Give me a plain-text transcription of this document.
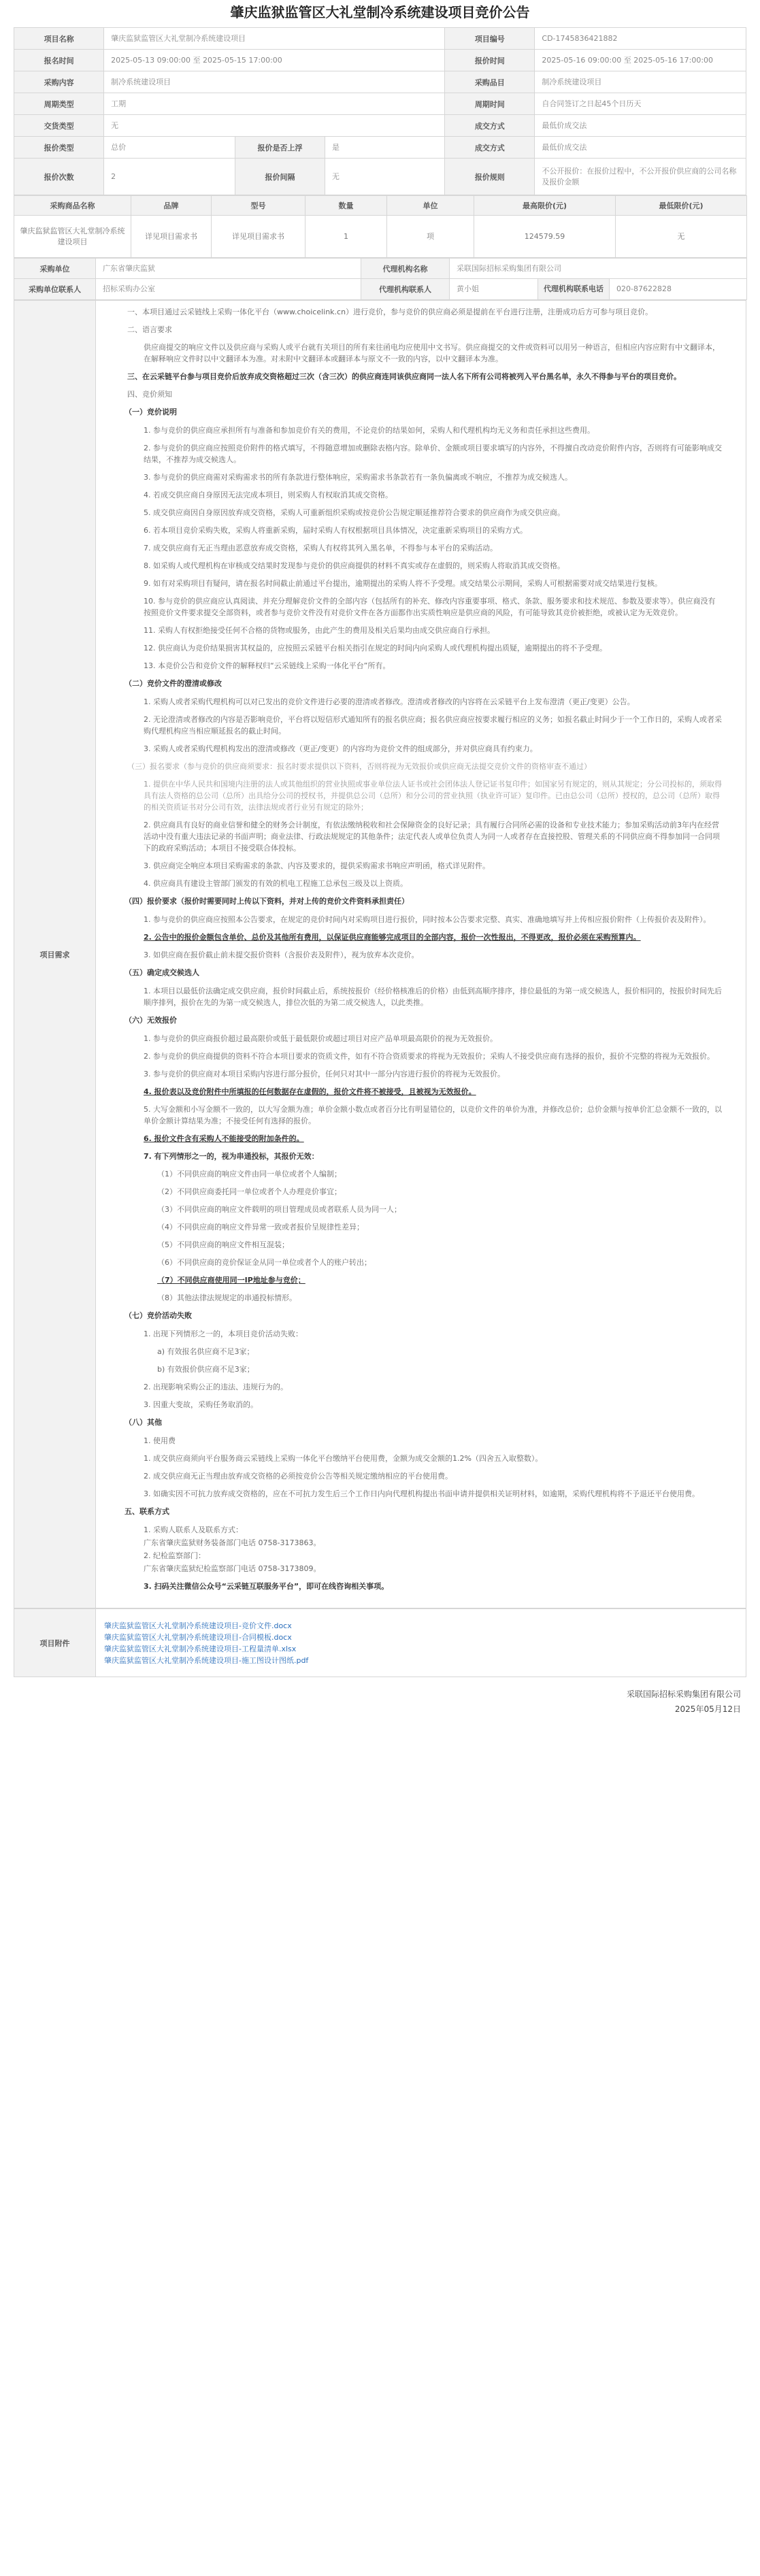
肇庆监狱监管区大礼堂制冷系统建设项目竞价公告
项目名称	肇庆监狱监管区大礼堂制冷系统建设项目			项目编号	CD-1745836421882
报名时间	2025-05-13 09:00:00 至 2025-05-15 17:00:00			报价时间	2025-05-16 09:00:00 至 2025-05-16 17:00:00
采购内容	制冷系统建设项目			采购品目	制冷系统建设项目
周期类型	工期			周期时间	自合同签订之日起45个日历天
交货类型	无			成交方式	最低价成交法
报价类型	总价	报价是否上浮	是	成交方式	最低价成交法
报价次数	2	报价间隔	无	报价规则	不公开报价：在报价过程中，不公开报价供应商的公司名称及报价金额
采购商品名称	品牌	型号	数量	单位	最高限价(元)	最低限价(元)
肇庆监狱监管区大礼堂制冷系统建设项目	详见项目需求书	详见项目需求书	1	项	124579.59	无
采购单位	广东省肇庆监狱	代理机构名称	采联国际招标采购集团有限公司	
采购单位联系人	招标采购办公室	代理机构联系人	黄小姐	代理机构联系电话 020-87622828
项目需求	
一、本项目通过云采链线上采购一体化平台（www.choicelink.cn）进行竞价，参与竞价的供应商必须是提前在平台进行注册，注册成功后方可参与项目竞价。
二、语言要求
供应商提交的响应文件以及供应商与采购人或平台就有关项目的所有来往函电均应使用中文书写。供应商提交的文件或资料可以用另一种语言，但相应内容应附有中文翻译本，在解释响应文件时以中文翻译本为准。对未附中文翻译本或翻译本与原文不一致的内容，以中文翻译本为准。
三、在云采链平台参与项目竞价后放弃成交资格超过三次（含三次）的供应商连同该供应商同一法人名下所有公司将被列入平台黑名单，永久不得参与平台的项目竞价。
四、竞价须知
（一）竞价说明
1. 参与竞价的供应商应承担所有与准备和参加竞价有关的费用，不论竞价的结果如何，采购人和代理机构均无义务和责任承担这些费用。
2. 参与竞价的供应商应按照竞价附件的格式填写，不得随意增加或删除表格内容。除单价、金额或项目要求填写的内容外，不得擅自改动竞价附件内容，否则将有可能影响成交结果，不推荐为成交候选人。
3. 参与竞价的供应商需对采购需求书的所有条款进行整体响应，采购需求书条款若有一条负偏离或不响应，不推荐为成交候选人。
4. 若成交供应商自身原因无法完成本项目，则采购人有权取消其成交资格。
5. 成交供应商因自身原因放弃成交资格，采购人可重新组织采购或按竞价公告规定顺延推荐符合要求的供应商作为成交供应商。
6. 若本项目竞价采购失败，采购人将重新采购，届时采购人有权根据项目具体情况，决定重新采购项目的采购方式。
7. 成交供应商有无正当理由恶意放弃成交资格，采购人有权将其列入黑名单，不得参与本平台的采购活动。
8. 如采购人或代理机构在审核成交结果时发现参与竞价的供应商提供的材料不真实或存在虚假的，则采购人将取消其成交资格。
9. 如有对采购项目有疑问，请在报名时间截止前通过平台提出，逾期提出的采购人将不予受理。成交结果公示期间，采购人可根据需要对成交结果进行复核。
10. 参与竞价的供应商应认真阅读、并充分理解竞价文件的全部内容（包括所有的补充、修改内容重要事项、格式、条款、服务要求和技术规范、参数及要求等）。供应商没有按照竞价文件要求提交全部资料，或者参与竞价文件没有对竞价文件在各方面都作出实质性响应是供应商的风险，有可能导致其竞价被拒绝，或被认定为无效竞价。
11. 采购人有权拒绝接受任何不合格的货物或服务，由此产生的费用及相关后果均由成交供应商自行承担。
12. 供应商认为竞价结果损害其权益的，应按照云采链平台相关指引在规定的时间内向采购人或代理机构提出质疑，逾期提出的将不予受理。
13. 本竞价公告和竞价文件的解释权归“云采链线上采购一体化平台”所有。
（二）竞价文件的澄清或修改
1. 采购人或者采购代理机构可以对已发出的竞价文件进行必要的澄清或者修改。澄清或者修改的内容将在云采链平台上发布澄清（更正/变更）公告。
2. 无论澄清或者修改的内容是否影响竞价，平台将以短信形式通知所有的报名供应商；报名供应商应按要求履行相应的义务；如报名截止时间少于一个工作日的，采购人或者采购代理机构应当相应顺延报名的截止时间。
3. 采购人或者采购代理机构发出的澄清或修改（更正/变更）的内容均为竞价文件的组成部分，并对供应商具有约束力。
（三）报名要求（参与竞价的供应商须要求：报名时要求提供以下资料，否则将视为无效报价或供应商无法提交竞价文件的资格审查不通过）
1. 提供在中华人民共和国境内注册的法人或其他组织的营业执照或事业单位法人证书或社会团体法人登记证书复印件；如国家另有规定的，则从其规定；分公司投标的，须取得具有法人资格的总公司（总所）出具给分公司的授权书，并提供总公司（总所）和分公司的营业执照（执业许可证）复印件。已由总公司（总所）授权的，总公司（总所）取得的相关资质证书对分公司有效，法律法规或者行业另有规定的除外；
2. 供应商具有良好的商业信誉和健全的财务会计制度，有依法缴纳税收和社会保障资金的良好记录；具有履行合同所必需的设备和专业技术能力；参加采购活动前3年内在经营活动中没有重大违法记录的书面声明；商业法律、行政法规规定的其他条件；法定代表人或单位负责人为同一人或者存在直接控股、管理关系的不同供应商不得参加同一合同项下的政府采购活动；本项目不接受联合体投标。
3. 供应商完全响应本项目采购需求的条款、内容及要求的，提供采购需求书响应声明函，格式详见附件。
4. 供应商具有建设主管部门颁发的有效的机电工程施工总承包三级及以上资质。
（四）报价要求（报价时需要同时上传以下资料，并对上传的竞价文件资料承担责任）
1. 参与竞价的供应商应按照本公告要求，在规定的竞价时间内对采购项目进行报价，同时按本公告要求完整、真实、准确地填写并上传相应报价附件（上传报价表及附件）。
2. 公告中的报价金额包含单价、总价及其他所有费用，以保证供应商能够完成项目的全部内容，报价一次性报出，不得更改，报价必须在采购预算内。
3. 如供应商在报价截止前未提交报价资料（含报价表及附件），视为放弃本次竞价。
（五）确定成交候选人
1. 本项目以最低价法确定成交供应商，报价时间截止后，系统按报价（经价格核准后的价格）由低到高顺序排序，排位最低的为第一成交候选人，报价相同的，按报价时间先后顺序排列，报价在先的为第一成交候选人，排位次低的为第二成交候选人，以此类推。
（六）无效报价
1. 参与竞价的供应商报价超过最高限价或低于最低限价或超过项目对应产品单项最高限价的视为无效报价。
2. 参与竞价的供应商提供的资料不符合本项目要求的资质文件，如有不符合资质要求的将视为无效报价；采购人不接受供应商有选择的报价，报价不完整的将视为无效报价。
3. 参与竞价的供应商对本项目采购内容进行部分报价，任何只对其中一部分内容进行报价的将视为无效报价。
4. 报价表以及竞价附件中所填报的任何数据存在虚假的，报价文件将不被接受，且被视为无效报价。
5. 大写金额和小写金额不一致的，以大写金额为准；单价金额小数点或者百分比有明显错位的，以竞价文件的单价为准，并修改总价；总价金额与按单价汇总金额不一致的，以单价金额计算结果为准；不接受任何有选择的报价。
6. 报价文件含有采购人不能接受的附加条件的。
7. 有下列情形之一的，视为串通投标，其报价无效：
（1）不同供应商的响应文件由同一单位或者个人编制；
（2）不同供应商委托同一单位或者个人办理竞价事宜；
（3）不同供应商的响应文件载明的项目管理成员或者联系人员为同一人；
（4）不同供应商的响应文件异常一致或者报价呈规律性差异；
（5）不同供应商的响应文件相互混装；
（6）不同供应商的竞价保证金从同一单位或者个人的账户转出；
（7）不同供应商使用同一IP地址参与竞价；
（8）其他法律法规规定的串通投标情形。
（七）竞价活动失败
1. 出现下列情形之一的，本项目竞价活动失败：
a) 有效报名供应商不足3家；
b) 有效报价供应商不足3家；
2. 出现影响采购公正的违法、违规行为的。
3. 因重大变故，采购任务取消的。
（八）其他
1. 使用费
1. 成交供应商须向平台服务商云采链线上采购一体化平台缴纳平台使用费，金额为成交金额的1.2%（四舍五入取整数）。
2. 成交供应商无正当理由放弃成交资格的必须按竞价公告等相关规定缴纳相应的平台使用费。
3. 如确实因不可抗力放弃成交资格的，应在不可抗力发生后三个工作日内向代理机构提出书面申请并提供相关证明材料，如逾期，采购代理机构将不予退还平台使用费。
五、联系方式
1. 采购人联系人及联系方式：
广东省肇庆监狱财务装备部门电话 0758-3173863。
2. 纪检监察部门：
广东省肇庆监狱纪检监察部门电话 0758-3173809。
3. 扫码关注微信公众号“云采链互联服务平台”，即可在线咨询相关事项。
项目附件	
肇庆监狱监管区大礼堂制冷系统建设项目-竞价文件.docx
肇庆监狱监管区大礼堂制冷系统建设项目-合同模板.docx
肇庆监狱监管区大礼堂制冷系统建设项目-工程量清单.xlsx
肇庆监狱监管区大礼堂制冷系统建设项目-施工图设计图纸.pdf
采联国际招标采购集团有限公司
2025年05月12日
